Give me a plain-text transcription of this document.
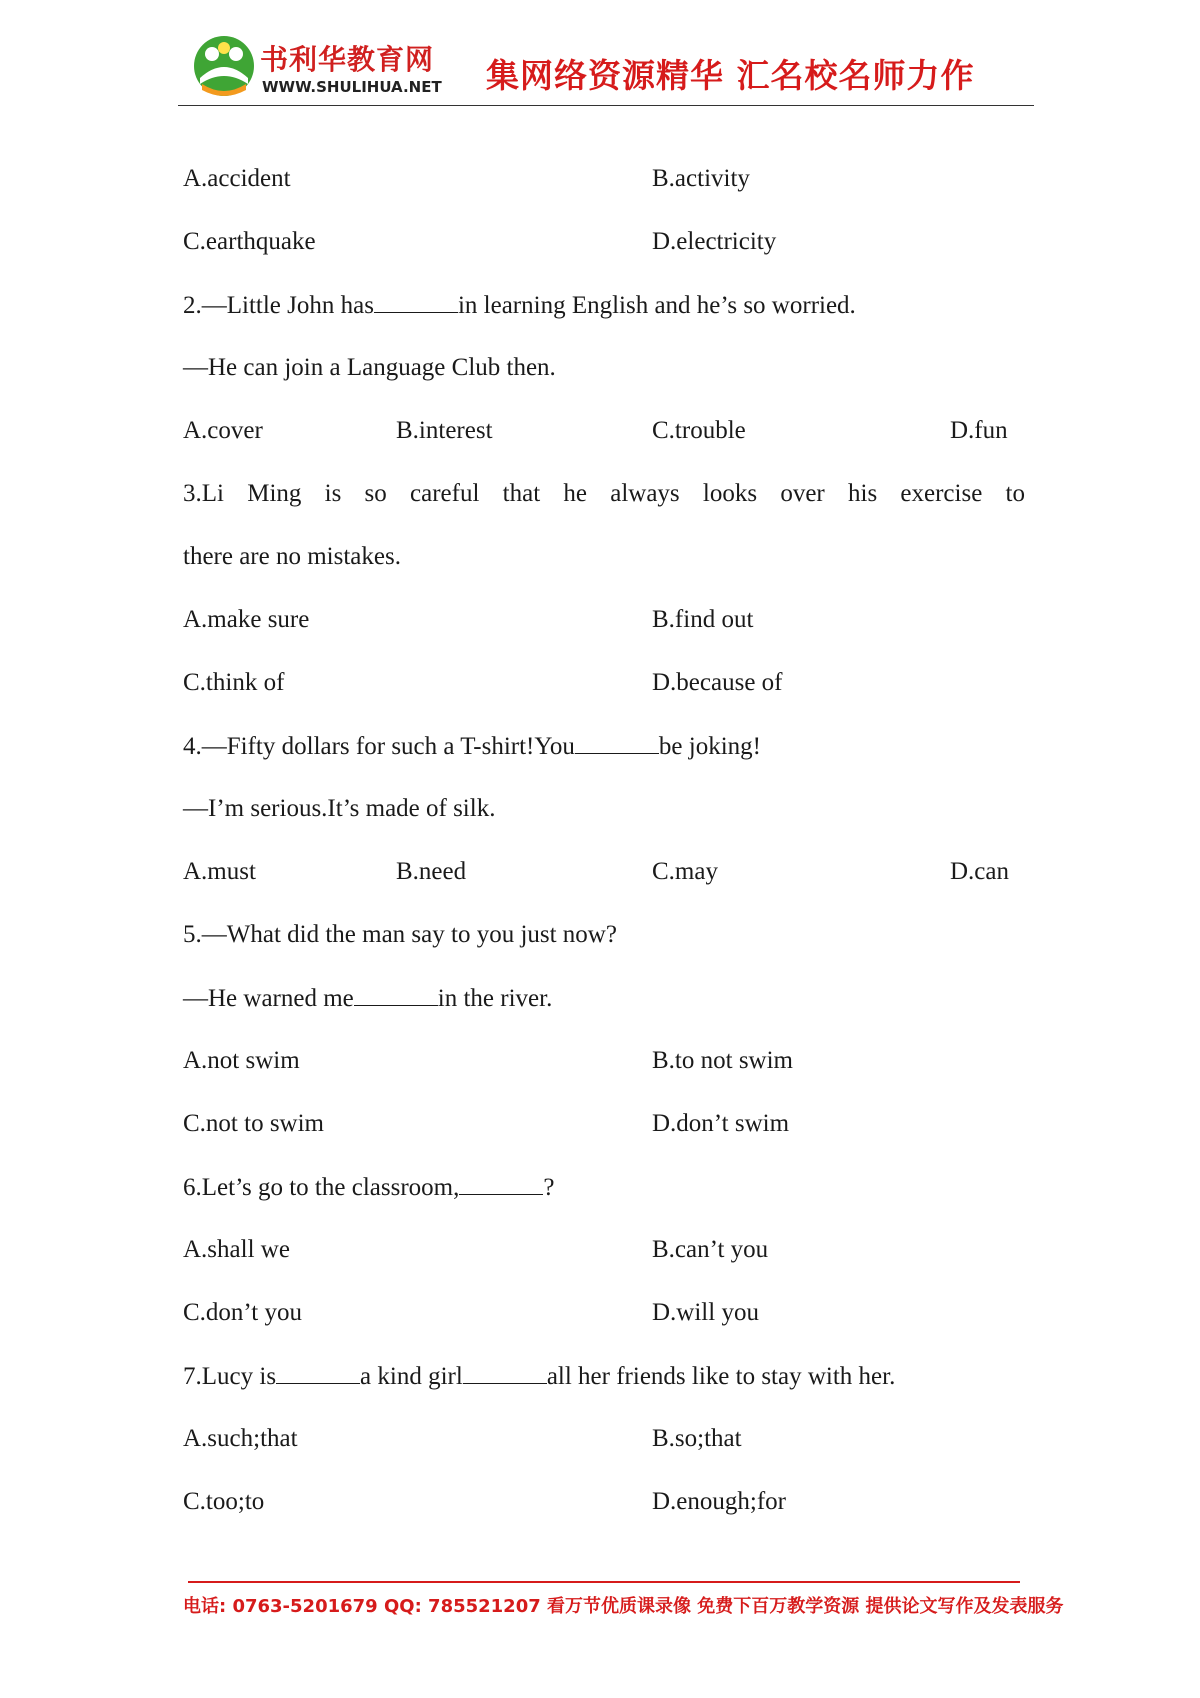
书利华教育网
WWW.SHULIHUA.NET 集网络资源精华 汇名校名师力作
A.accident	B.activity
C.earthquake	D.electricity
2.—Little John has	in learning English and he’s so worried.
—He can join a Language Club then.
A.cover	B.interest	C.trouble	D.fun
3.Li Ming is so careful that he always looks over his exercise to
there are no mistakes.
A.make sure	B.find out
C.think of	D.because of
4.—Fifty dollars for such a T-shirt!You	be joking!
—I’m serious.It’s made of silk.
A.must	B.need	C.may	D.can
5.—What did the man say to you just now?
—He warned me	in the river.
A.not swim	B.to not swim
C.not to swim	D.don’t swim
6.Let’s go to the classroom,	?
A.shall we	B.can’t you
C.don’t you	D.will you
7.Lucy is	a kind girl	all her friends like to stay with her.
A.such;that	B.so;that
C.too;to	D.enough;for
电话: 0763-5201679 QQ: 785521207 看万节优质课录像 免费下百万教学资源 提供论文写作及发表服务
